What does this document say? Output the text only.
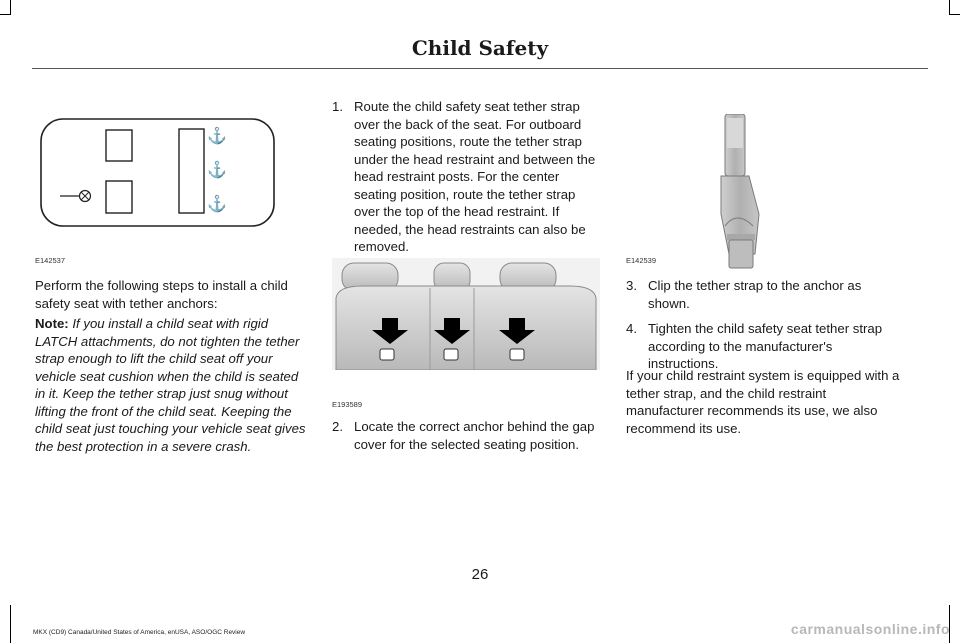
Child Safety
⚓
⚓
⚓
E142537

Perform the following steps to install a child safety seat with tether anchors:

Note: If you install a child seat with rigid LATCH attachments, do not tighten the tether strap enough to lift the child seat off your vehicle seat cushion when the child is seated in it. Keep the tether strap just snug without lifting the front of the child seat. Keeping the child seat just touching your vehicle seat gives the best protection in a severe crash.

1. Route the child safety seat tether strap over the back of the seat. For outboard seating positions, route the tether strap under the head restraint and between the head restraint posts. For the center seating position, route the tether strap over the top of the head restraint. If needed, the head restraints can also be removed.
E193589
2. Locate the correct anchor behind the gap cover for the selected seating position.
E142539
3. Clip the tether strap to the anchor as shown.
4. Tighten the child safety seat tether strap according to the manufacturer's instructions.

If your child restraint system is equipped with a tether strap, and the child restraint manufacturer recommends its use, we also recommend its use.

26
MKX (CD9) Canada/United States of America, enUSA, ASO/OGC Review	carmanualsonline.info
